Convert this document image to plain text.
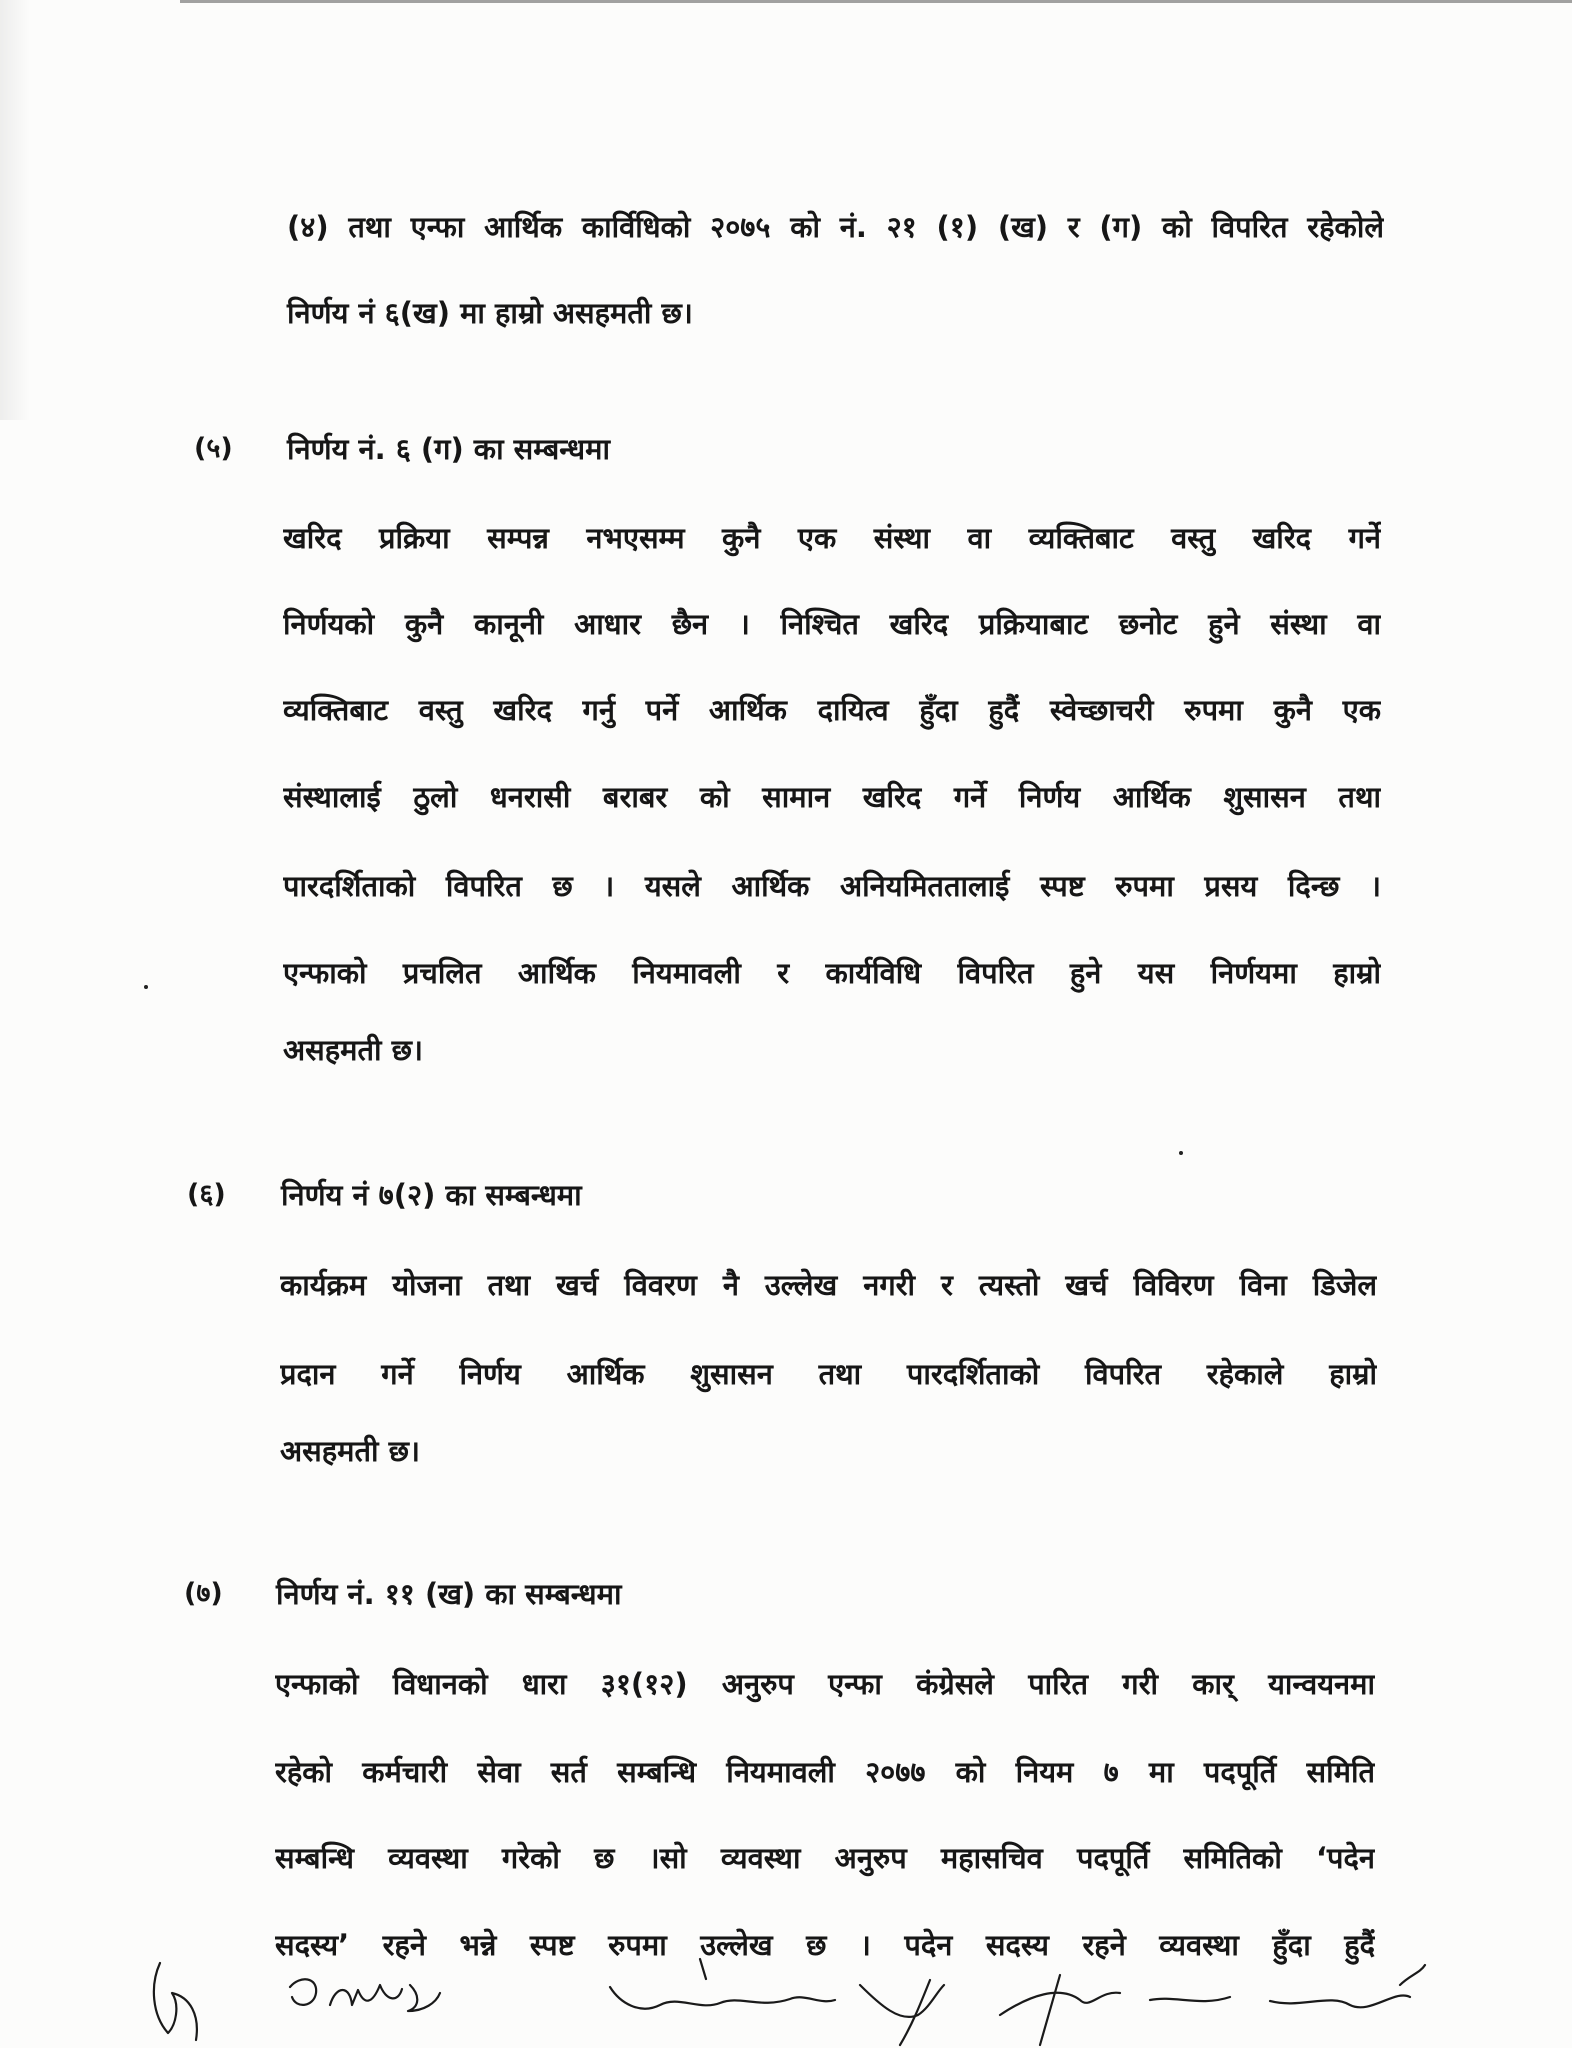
(४) तथा एन्फा आर्थिक कार्विधिको २०७५ को नं. २१ (१) (ख) र (ग) को विपरित रहेकोले
निर्णय नं ६(ख) मा हाम्रो असहमती छ।
(५) निर्णय नं. ६ (ग) का सम्बन्धमा
खरिद प्रक्रिया सम्पन्न नभएसम्म कुनै एक संस्था वा व्यक्तिबाट वस्तु खरिद गर्ने
निर्णयको कुनै कानूनी आधार छैन । निश्चित खरिद प्रक्रियाबाट छनोट हुने संस्था वा
व्यक्तिबाट वस्तु खरिद गर्नु पर्ने आर्थिक दायित्व हुँदा हुदैं स्वेच्छाचरी रुपमा कुनै एक
संस्थालाई ठुलो धनरासी बराबर को सामान खरिद गर्ने निर्णय आर्थिक शुसासन तथा
पारदर्शिताको विपरित छ । यसले आर्थिक अनियमिततालाई स्पष्ट रुपमा प्रसय दिन्छ ।
एन्फाको प्रचलित आर्थिक नियमावली र कार्यविधि विपरित हुने यस निर्णयमा हाम्रो
असहमती छ।
(६) निर्णय नं ७(२) का सम्बन्धमा
कार्यक्रम योजना तथा खर्च विवरण नै उल्लेख नगरी र त्यस्तो खर्च विविरण विना डिजेल
प्रदान गर्ने निर्णय आर्थिक शुसासन तथा पारदर्शिताको विपरित रहेकाले हाम्रो
असहमती छ।
(७) निर्णय नं. ११ (ख) का सम्बन्धमा
एन्फाको विधानको धारा ३१(१२) अनुरुप एन्फा कंग्रेसले पारित गरी कार् यान्वयनमा
रहेको कर्मचारी सेवा सर्त सम्बन्धि नियमावली २०७७ को नियम ७ मा पदपूर्ति समिति
सम्बन्धि व्यवस्था गरेको छ ।सो व्यवस्था अनुरुप महासचिव पदपूर्ति समितिको ‘पदेन
सदस्य’ रहने भन्ने स्पष्ट रुपमा उल्लेख छ । पदेन सदस्य रहने व्यवस्था हुँदा हुदैं
